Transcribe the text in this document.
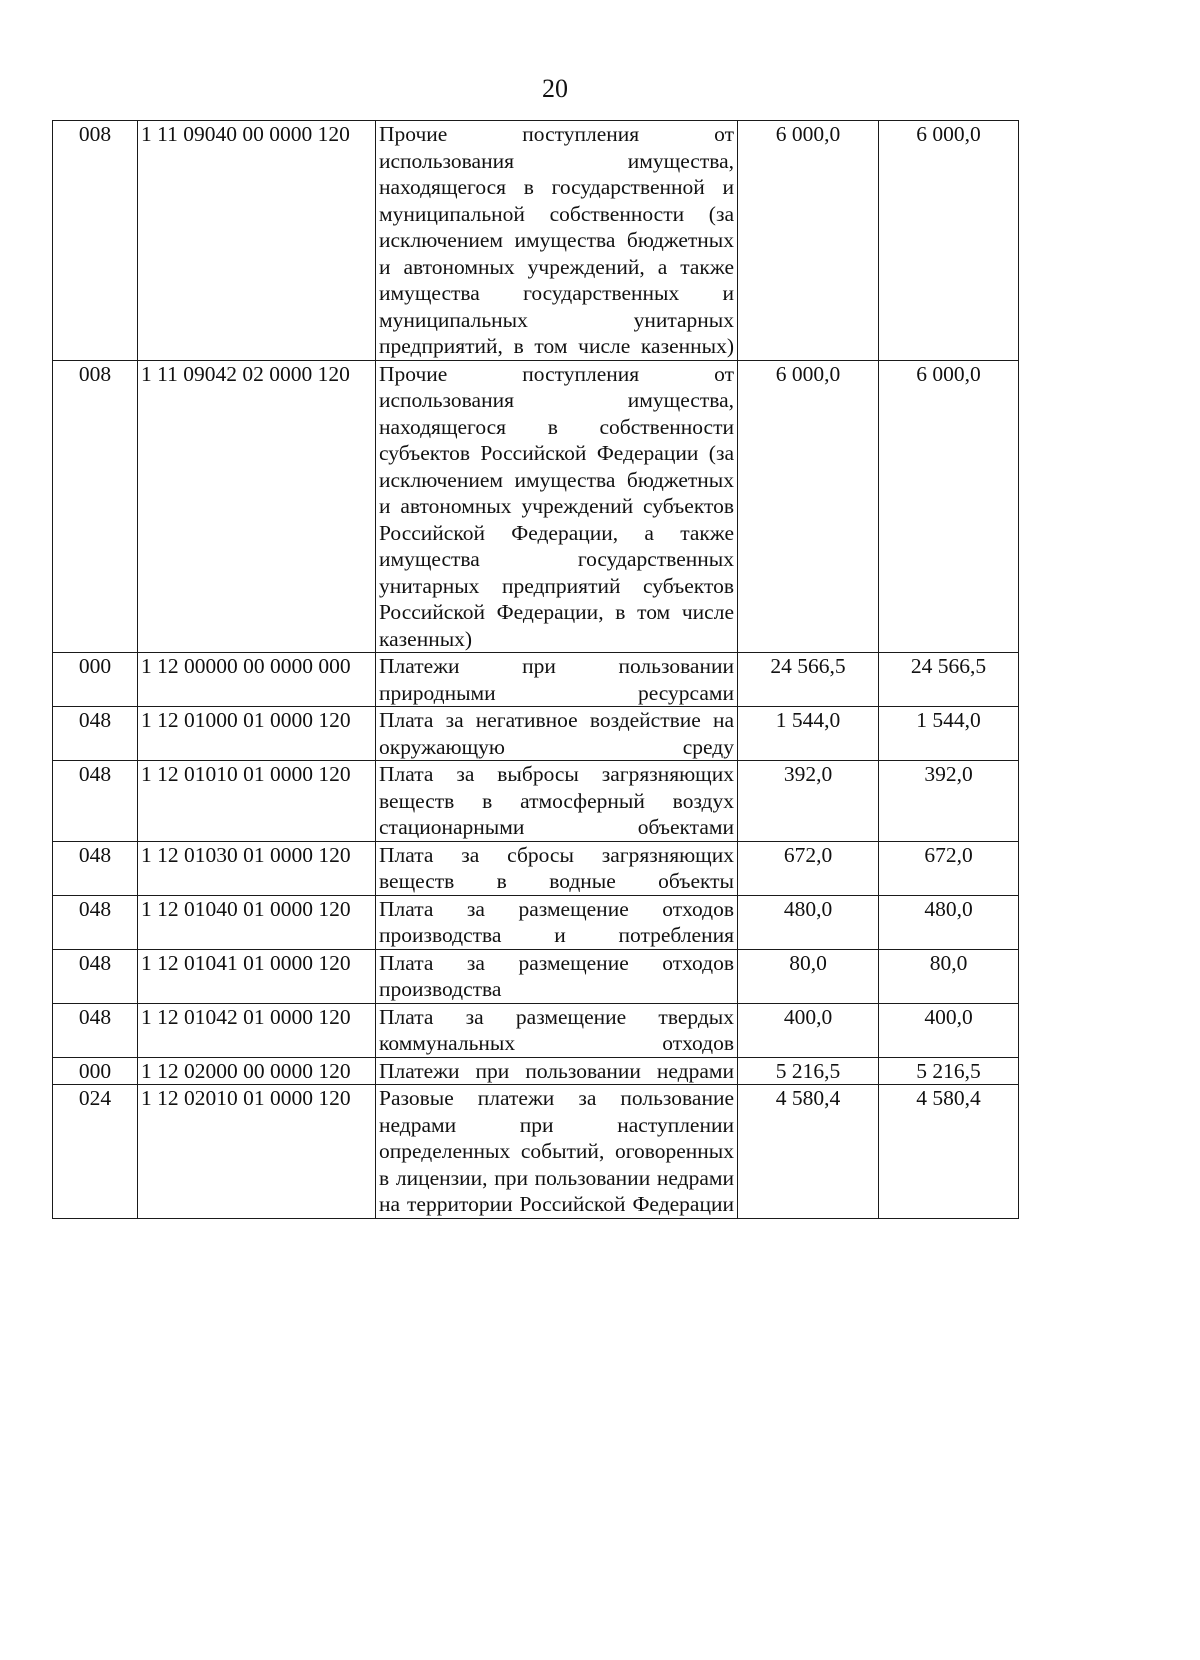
20
008	1 11 09040 00 0000 120	Прочие поступления от использования имущества, находящегося в государственной и муниципальной собственности (за исключением имущества бюджетных и автономных учреждений, а также имущества государственных и муниципальных унитарных предприятий, в том числе казенных)	6 000,0	6 000,0
008	1 11 09042 02 0000 120	Прочие поступления от использования имущества, находящегося в собственности субъектов Российской Федерации (за исключением имущества бюджетных и автономных учреждений субъектов Российской Федерации, а также имущества государственных унитарных предприятий субъектов Российской Федерации, в том числе казенных)	6 000,0	6 000,0
000	1 12 00000 00 0000 000	Платежи при пользовании природными ресурсами	24 566,5	24 566,5
048	1 12 01000 01 0000 120	Плата за негативное воздействие на окружающую среду	1 544,0	1 544,0
048	1 12 01010 01 0000 120	Плата за выбросы загрязняющих веществ в атмосферный воздух стационарными объектами	392,0	392,0
048	1 12 01030 01 0000 120	Плата за сбросы загрязняющих веществ в водные объекты	672,0	672,0
048	1 12 01040 01 0000 120	Плата за размещение отходов производства и потребления	480,0	480,0
048	1 12 01041 01 0000 120	Плата за размещение отходов производства	80,0	80,0
048	1 12 01042 01 0000 120	Плата за размещение твердых коммунальных отходов	400,0	400,0
000	1 12 02000 00 0000 120	Платежи при пользовании недрами	5 216,5	5 216,5
024	1 12 02010 01 0000 120	Разовые платежи за пользование недрами при наступлении определенных событий, оговоренных в лицензии, при пользовании недрами на территории Российской Федерации	4 580,4	4 580,4
